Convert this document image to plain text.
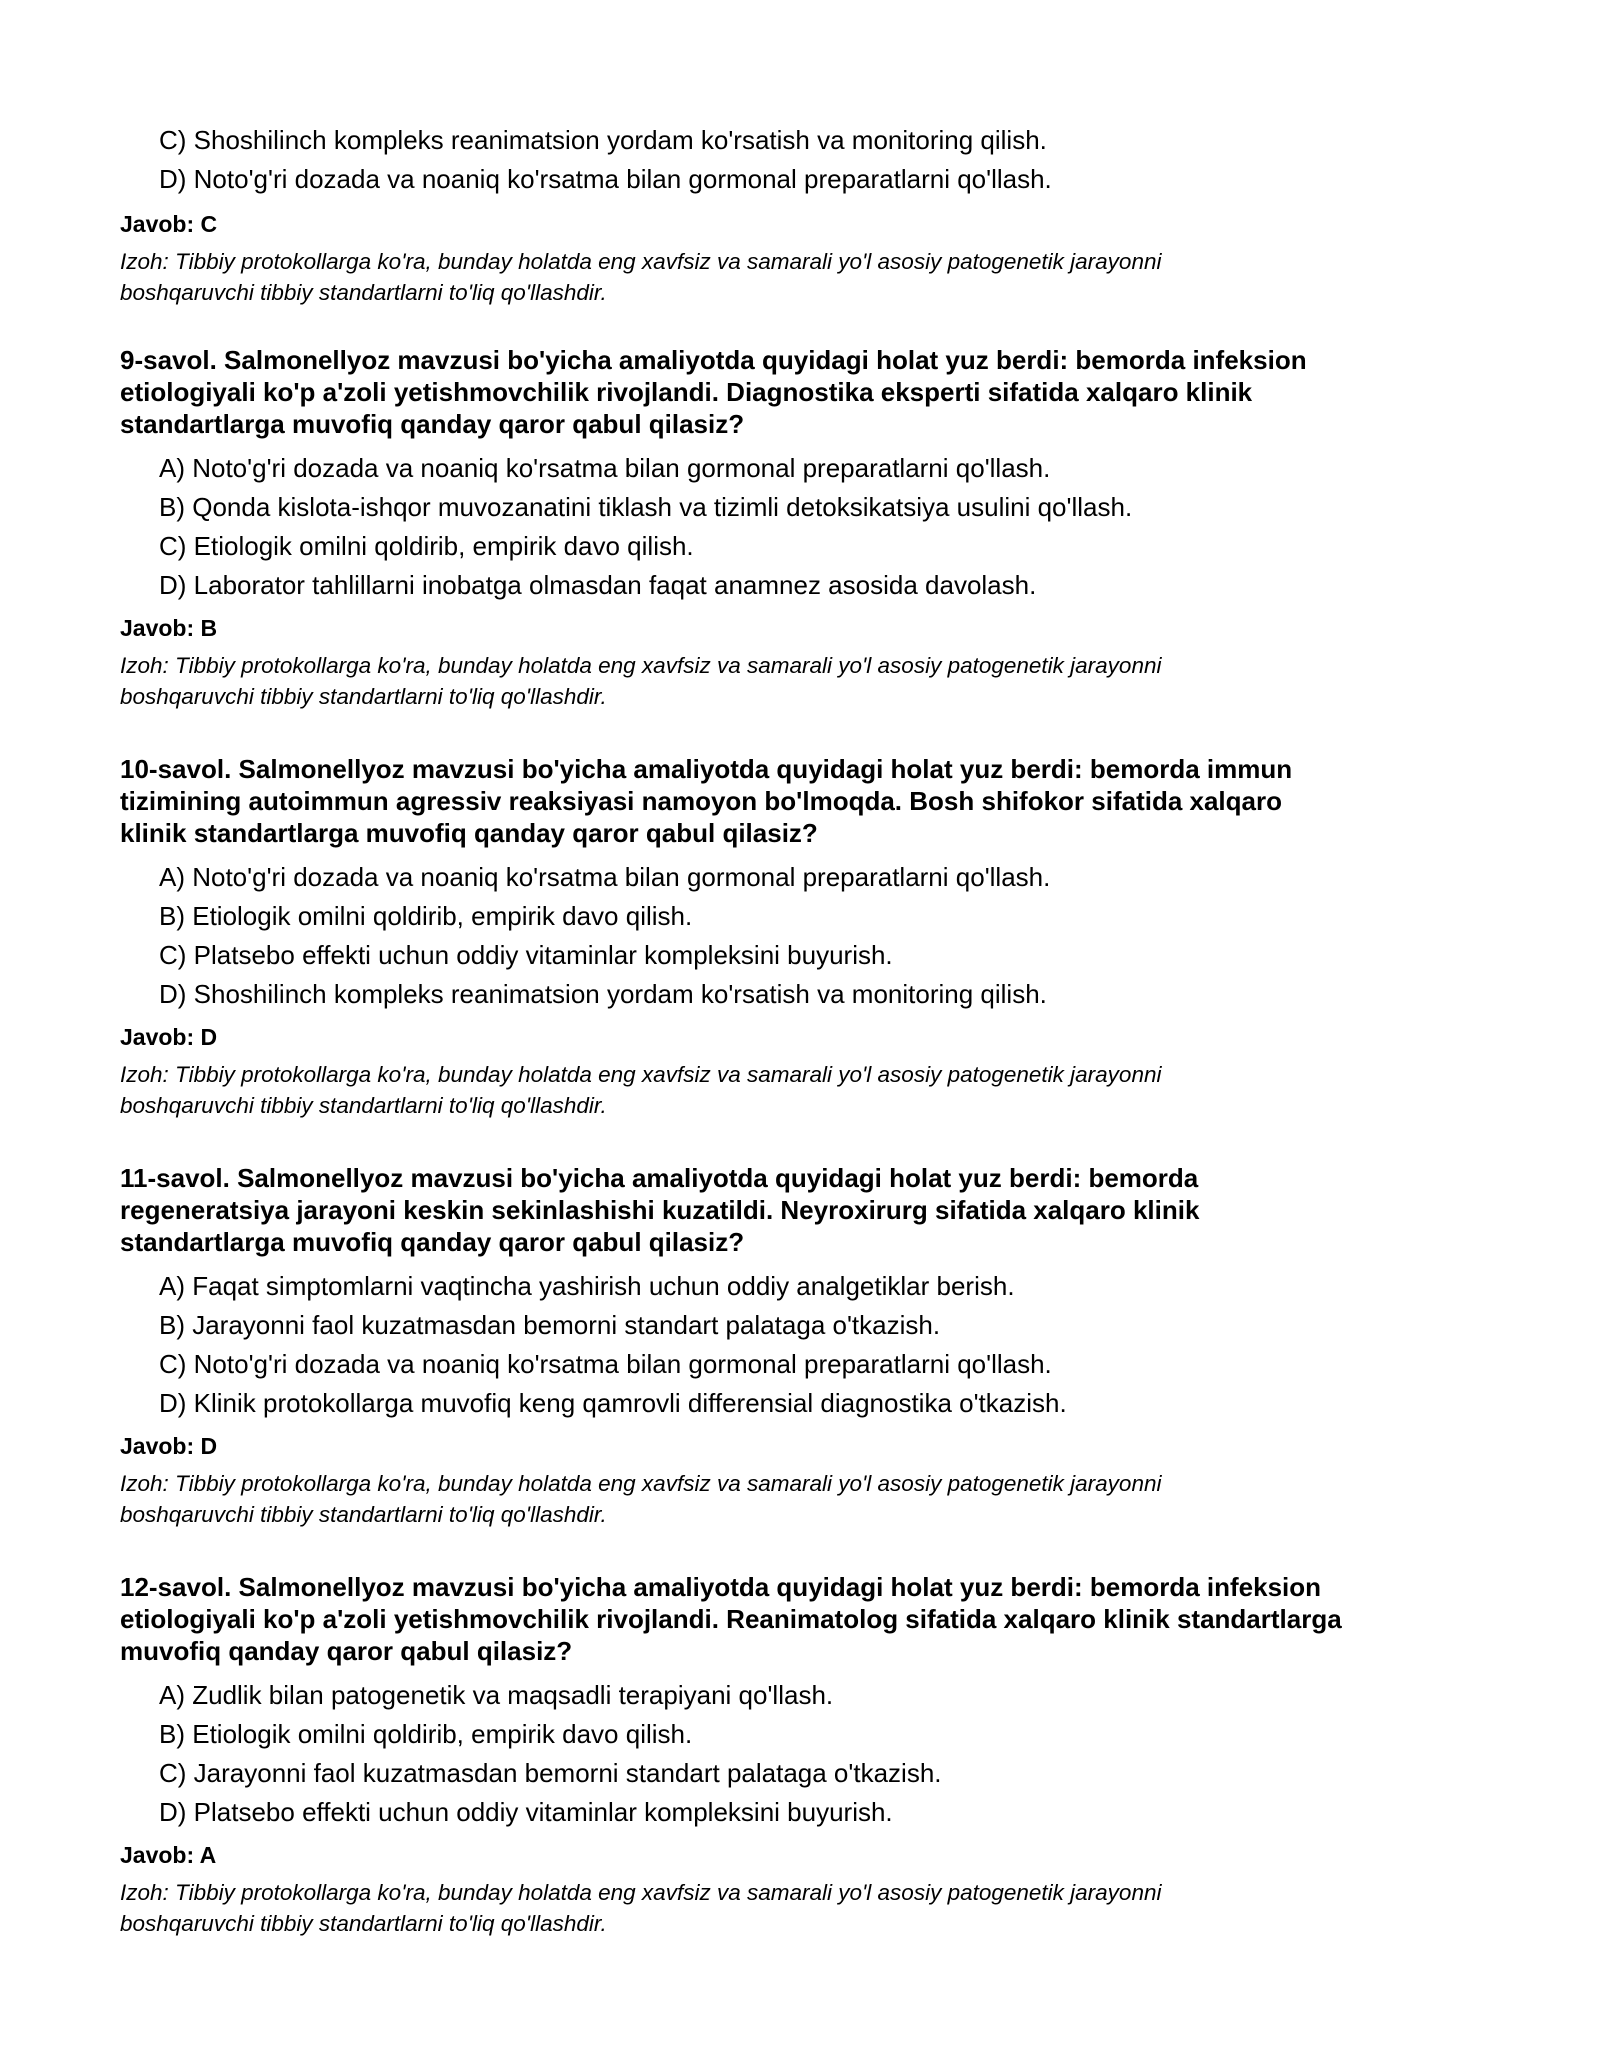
C) Shoshilinch kompleks reanimatsion yordam ko'rsatish va monitoring qilish.
D) Noto'g'ri dozada va noaniq ko'rsatma bilan gormonal preparatlarni qo'llash.
Javob: C
Izoh: Tibbiy protokollarga ko'ra, bunday holatda eng xavfsiz va samarali yo'l asosiy patogenetik jarayonni
boshqaruvchi tibbiy standartlarni to'liq qo'llashdir.
9-savol. Salmonellyoz mavzusi bo'yicha amaliyotda quyidagi holat yuz berdi: bemorda infeksion
etiologiyali ko'p a'zoli yetishmovchilik rivojlandi. Diagnostika eksperti sifatida xalqaro klinik
standartlarga muvofiq qanday qaror qabul qilasiz?
A) Noto'g'ri dozada va noaniq ko'rsatma bilan gormonal preparatlarni qo'llash.
B) Qonda kislota-ishqor muvozanatini tiklash va tizimli detoksikatsiya usulini qo'llash.
C) Etiologik omilni qoldirib, empirik davo qilish.
D) Laborator tahlillarni inobatga olmasdan faqat anamnez asosida davolash.
Javob: B
Izoh: Tibbiy protokollarga ko'ra, bunday holatda eng xavfsiz va samarali yo'l asosiy patogenetik jarayonni
boshqaruvchi tibbiy standartlarni to'liq qo'llashdir.
10-savol. Salmonellyoz mavzusi bo'yicha amaliyotda quyidagi holat yuz berdi: bemorda immun
tizimining autoimmun agressiv reaksiyasi namoyon bo'lmoqda. Bosh shifokor sifatida xalqaro
klinik standartlarga muvofiq qanday qaror qabul qilasiz?
A) Noto'g'ri dozada va noaniq ko'rsatma bilan gormonal preparatlarni qo'llash.
B) Etiologik omilni qoldirib, empirik davo qilish.
C) Platsebo effekti uchun oddiy vitaminlar kompleksini buyurish.
D) Shoshilinch kompleks reanimatsion yordam ko'rsatish va monitoring qilish.
Javob: D
Izoh: Tibbiy protokollarga ko'ra, bunday holatda eng xavfsiz va samarali yo'l asosiy patogenetik jarayonni
boshqaruvchi tibbiy standartlarni to'liq qo'llashdir.
11-savol. Salmonellyoz mavzusi bo'yicha amaliyotda quyidagi holat yuz berdi: bemorda
regeneratsiya jarayoni keskin sekinlashishi kuzatildi. Neyroxirurg sifatida xalqaro klinik
standartlarga muvofiq qanday qaror qabul qilasiz?
A) Faqat simptomlarni vaqtincha yashirish uchun oddiy analgetiklar berish.
B) Jarayonni faol kuzatmasdan bemorni standart palataga o'tkazish.
C) Noto'g'ri dozada va noaniq ko'rsatma bilan gormonal preparatlarni qo'llash.
D) Klinik protokollarga muvofiq keng qamrovli differensial diagnostika o'tkazish.
Javob: D
Izoh: Tibbiy protokollarga ko'ra, bunday holatda eng xavfsiz va samarali yo'l asosiy patogenetik jarayonni
boshqaruvchi tibbiy standartlarni to'liq qo'llashdir.
12-savol. Salmonellyoz mavzusi bo'yicha amaliyotda quyidagi holat yuz berdi: bemorda infeksion
etiologiyali ko'p a'zoli yetishmovchilik rivojlandi. Reanimatolog sifatida xalqaro klinik standartlarga
muvofiq qanday qaror qabul qilasiz?
A) Zudlik bilan patogenetik va maqsadli terapiyani qo'llash.
B) Etiologik omilni qoldirib, empirik davo qilish.
C) Jarayonni faol kuzatmasdan bemorni standart palataga o'tkazish.
D) Platsebo effekti uchun oddiy vitaminlar kompleksini buyurish.
Javob: A
Izoh: Tibbiy protokollarga ko'ra, bunday holatda eng xavfsiz va samarali yo'l asosiy patogenetik jarayonni
boshqaruvchi tibbiy standartlarni to'liq qo'llashdir.
